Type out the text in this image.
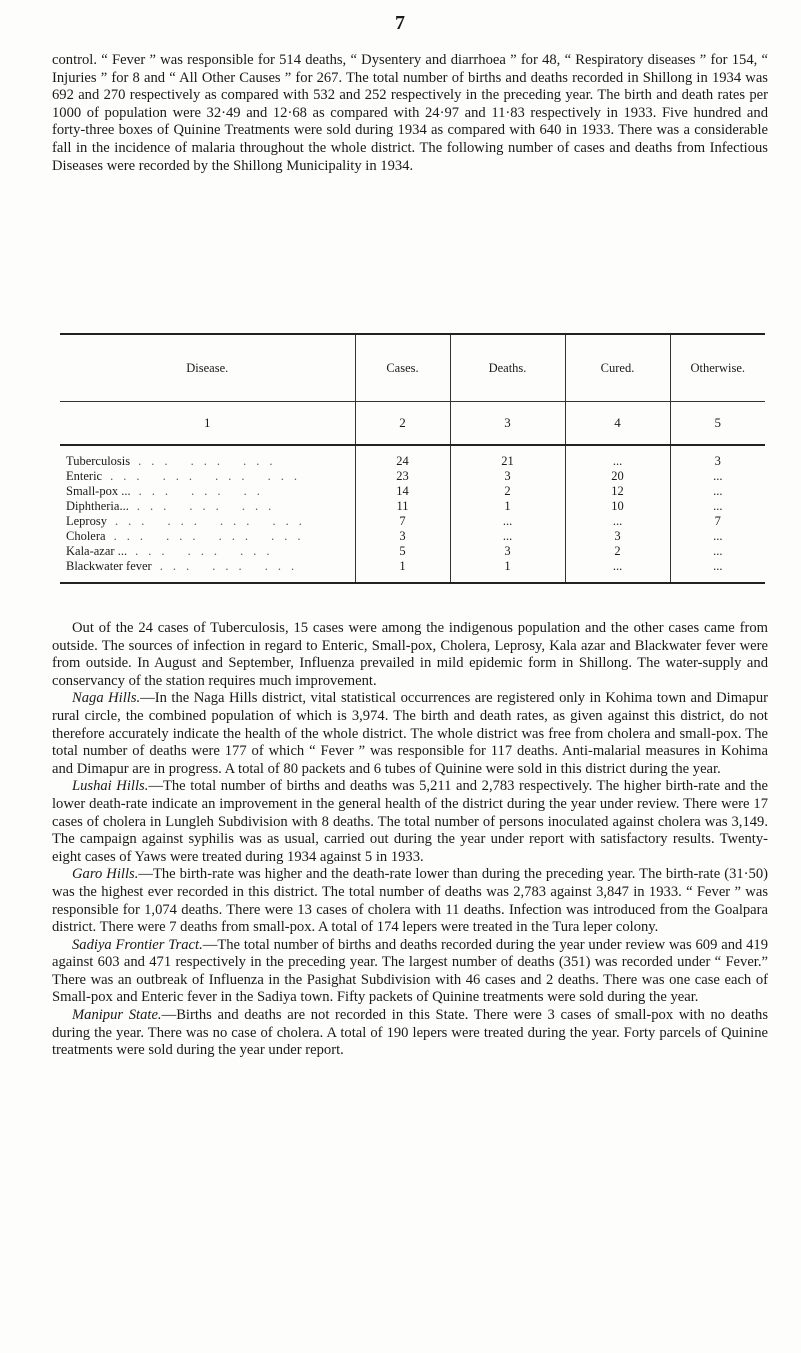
7

control. “ Fever ” was responsible for 514 deaths, “ Dysentery and diarrhoea ” for 48, “ Respiratory diseases ” for 154, “ Injuries ” for 8 and “ All Other Causes ” for 267. The total number of births and deaths recorded in Shillong in 1934 was 692 and 270 respectively as compared with 532 and 252 respectively in the preceding year. The birth and death rates per 1000 of population were 32·49 and 12·68 as compared with 24·97 and 11·83 respectively in 1933. Five hundred and forty-three boxes of Quinine Treatments were sold during 1934 as compared with 640 in 1933. There was a considerable fall in the incidence of malaria throughout the whole district. The following number of cases and deaths from Infectious Diseases were recorded by the Shillong Municipality in 1934.

Disease.	Cases.	Deaths.	Cured.	Otherwise.
1	2	3	4	5
Tuberculosis ... ... ...	24	21	...	3
Enteric ... ... ... ...	23	3	20	...
Small-pox ... ... ... ..	14	2	12	...
Diphtheria... ... ... ...	11	1	10	...
Leprosy ... ... ... ...	7	...	...	7
Cholera ... ... ... ...	3	...	3	...
Kala-azar ... ... ... ...	5	3	2	...
Blackwater fever ... ... ...	1	1	...	...

Out of the 24 cases of Tuberculosis, 15 cases were among the indigenous population and the other cases came from outside. The sources of infection in regard to Enteric, Small-pox, Cholera, Leprosy, Kala azar and Blackwater fever were from outside. In August and September, Influenza prevailed in mild epidemic form in Shillong. The water-supply and conservancy of the station requires much improvement.

Naga Hills.—In the Naga Hills district, vital statistical occurrences are registered only in Kohima town and Dimapur rural circle, the combined population of which is 3,974. The birth and death rates, as given against this district, do not therefore accurately indicate the health of the whole district. The whole district was free from cholera and small-pox. The total number of deaths were 177 of which “ Fever ” was responsible for 117 deaths. Anti-malarial measures in Kohima and Dimapur are in progress. A total of 80 packets and 6 tubes of Quinine were sold in this district during the year.

Lushai Hills.—The total number of births and deaths was 5,211 and 2,783 respectively. The higher birth-rate and the lower death-rate indicate an improvement in the general health of the district during the year under review. There were 17 cases of cholera in Lungleh Subdivision with 8 deaths. The total number of persons inoculated against cholera was 3,149. The campaign against syphilis was as usual, carried out during the year under report with satisfactory results. Twenty-eight cases of Yaws were treated during 1934 against 5 in 1933.

Garo Hills.—The birth-rate was higher and the death-rate lower than during the preceding year. The birth-rate (31·50) was the highest ever recorded in this district. The total number of deaths was 2,783 against 3,847 in 1933. “ Fever ” was responsible for 1,074 deaths. There were 13 cases of cholera with 11 deaths. Infection was introduced from the Goalpara district. There were 7 deaths from small-pox. A total of 174 lepers were treated in the Tura leper colony.

Sadiya Frontier Tract.—The total number of births and deaths recorded during the year under review was 609 and 419 against 603 and 471 respectively in the preceding year. The largest number of deaths (351) was recorded under “ Fever.” There was an outbreak of Influenza in the Pasighat Subdivision with 46 cases and 2 deaths. There was one case each of Small-pox and Enteric fever in the Sadiya town. Fifty packets of Quinine treatments were sold during the year.

Manipur State.—Births and deaths are not recorded in this State. There were 3 cases of small-pox with no deaths during the year. There was no case of cholera. A total of 190 lepers were treated during the year. Forty parcels of Quinine treatments were sold during the year under report.
